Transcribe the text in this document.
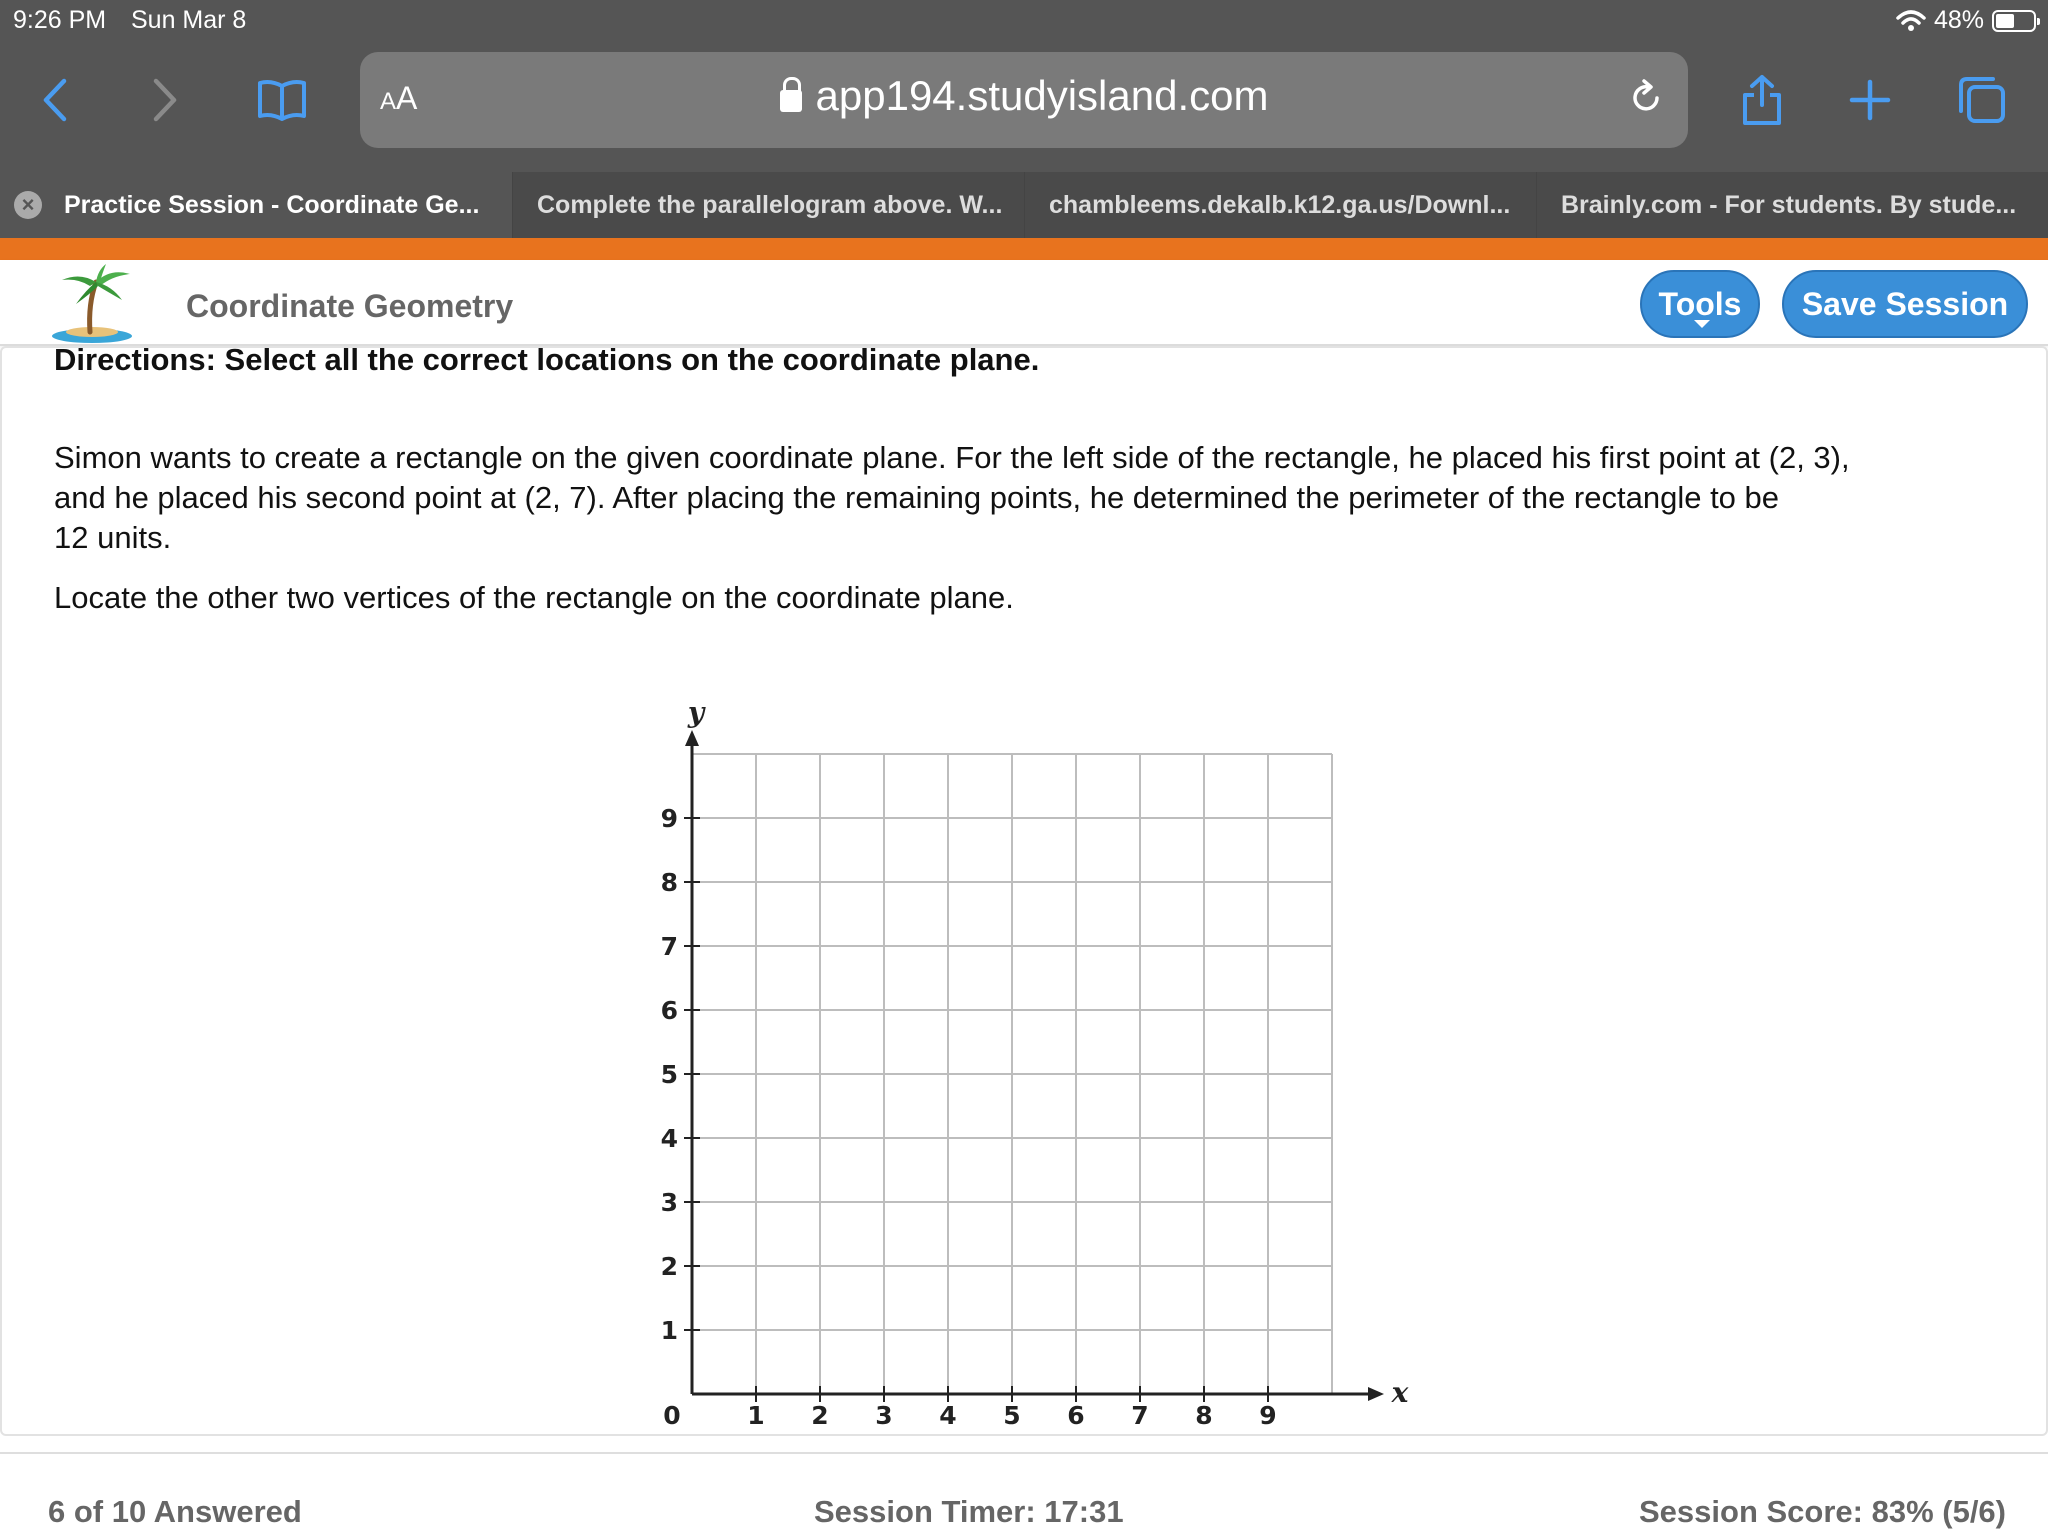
9:26 PM Sun Mar 8	48%
AA	app194.studyisland.com
×	Practice Session - Coordinate Ge... Complete the parallelogram above. W... chambleems.dekalb.k12.ga.us/Downl... Brainly.com - For students. By stude...
Coordinate Geometry	Tools Save Session
Directions: Select all the correct locations on the coordinate plane.
Simon wants to create a rectangle on the given coordinate plane. For the left side of the rectangle, he placed his first point at (2, 3),
and he placed his second point at (2, 7). After placing the remaining points, he determined the perimeter of the rectangle to be
12 units.
Locate the other two vertices of the rectangle on the coordinate plane.
1 2 3 4 5 6 7 8 9
1
2
3
4
5
6
7
8
9
0
x
y
6 of 10 Answered	Session Timer: 17:31	Session Score: 83% (5/6)
